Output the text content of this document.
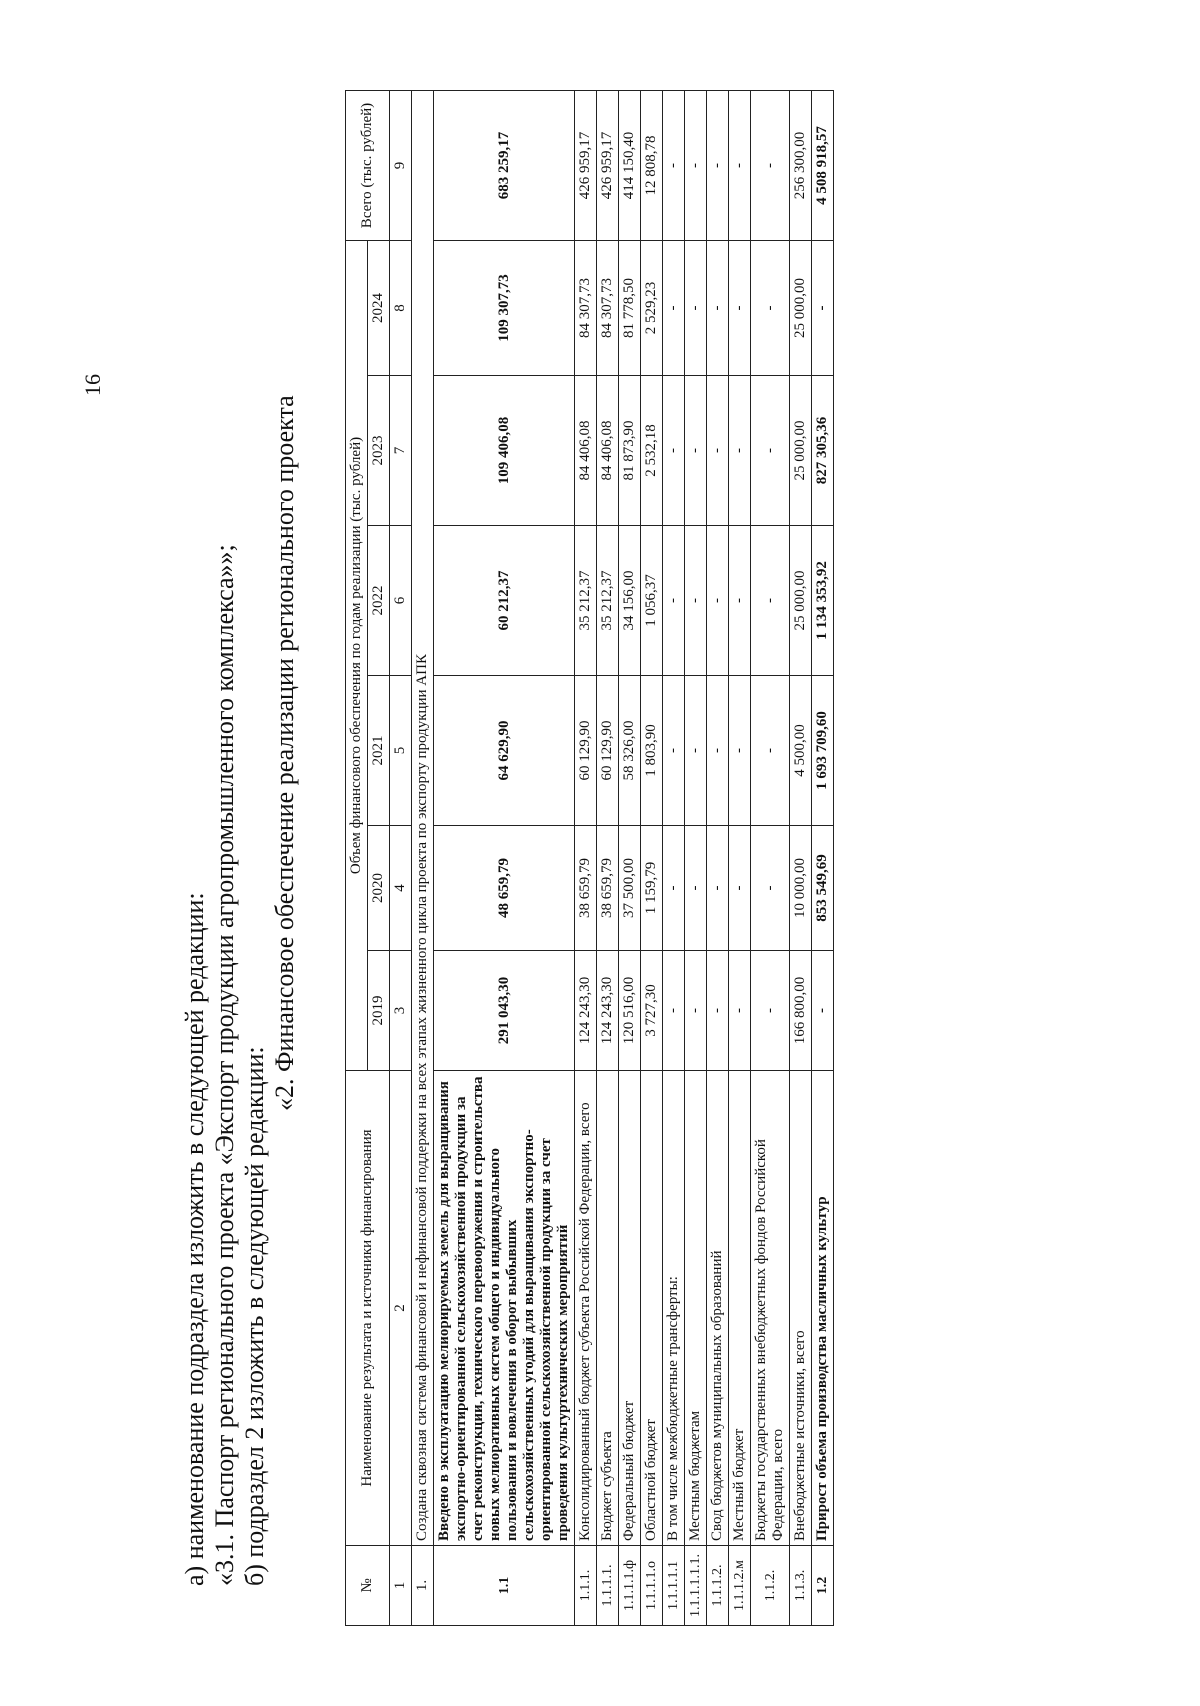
16
а) наименование подраздела изложить в следующей редакции: «3.1. Паспорт регионального проекта «Экспорт продукции агропромышленного комплекса»»; б) подраздел 2 изложить в следующей редакции:
«2. Финансовое обеспечение реализации регионального проекта
№	Наименование результата и источники финансирования	Объем финансового обеспечения по годам реализации (тыс. рублей)						Всего (тыс. рублей)
		2019	2020	2021	2022	2023	2024	
1	2	3	4	5	6	7	8	9
1.	Создана сквозная система финансовой и нефинансовой поддержки на всех этапах жизненного цикла проекта по экспорту продукции АПК							
1.1	Введено в эксплуатацию мелиорируемых земель для выращивания экспортно-ориентированной сельскохозяйственной продукции за счет реконструкции, технического перевооружения и строительства новых мелиоративных систем общего и индивидуального пользования и вовлечения в оборот выбывших сельскохозяйственных угодий для выращивания экспортно-ориентированной сельскохозяйственной продукции за счет проведения культуртехнических мероприятий	291 043,30	48 659,79	64 629,90	60 212,37	109 406,08	109 307,73	683 259,17
1.1.1.	Консолидированный бюджет субъекта Российской Федерации, всего	124 243,30	38 659,79	60 129,90	35 212,37	84 406,08	84 307,73	426 959,17
1.1.1.1.	Бюджет субъекта	124 243,30	38 659,79	60 129,90	35 212,37	84 406,08	84 307,73	426 959,17
1.1.1.1.ф	Федеральный бюджет	120 516,00	37 500,00	58 326,00	34 156,00	81 873,90	81 778,50	414 150,40
1.1.1.1.о	Областной бюджет	3 727,30	1 159,79	1 803,90	1 056,37	2 532,18	2 529,23	12 808,78
1.1.1.1.1	В том числе межбюджетные трансферты:	-	-	-	-	-	-	-
1.1.1.1.1.1.	Местным бюджетам	-	-	-	-	-	-	-
1.1.1.2.	Свод бюджетов муниципальных образований	-	-	-	-	-	-	-
1.1.1.2.м	Местный бюджет	-	-	-	-	-	-	-
1.1.2.	Бюджеты государственных внебюджетных фондов Российской Федерации, всего	-	-	-	-	-	-	-
1.1.3.	Внебюджетные источники, всего	166 800,00	10 000,00	4 500,00	25 000,00	25 000,00	25 000,00	256 300,00
1.2	Прирост объема производства масличных культур	-	853 549,69	1 693 709,60	1 134 353,92	827 305,36	-	4 508 918,57
